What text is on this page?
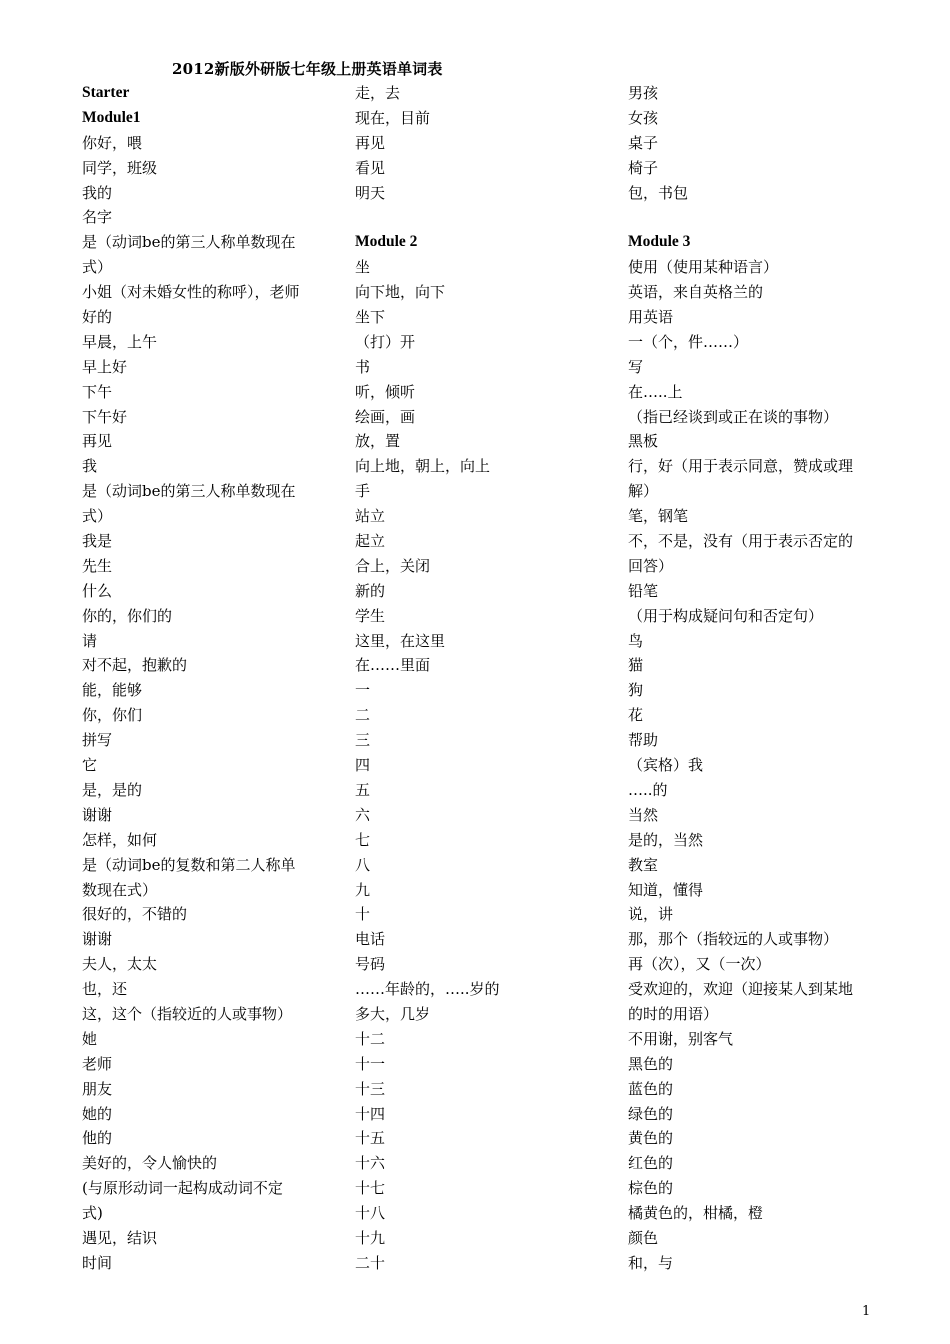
2012新版外研版七年级上册英语单词表
Starter
Module1
你好，喂
同学，班级
我的
名字
是（动词be的第三人称单数现在
式）
小姐（对未婚女性的称呼），老师
好的
早晨，上午
早上好
下午
下午好
再见
我
是（动词be的第三人称单数现在
式）
我是
先生
什么
你的，你们的
请
对不起，抱歉的
能，能够
你，你们
拼写
它
是，是的
谢谢
怎样，如何
是（动词be的复数和第二人称单
数现在式）
很好的，不错的
谢谢
夫人，太太
也，还
这，这个（指较近的人或事物）
她
老师
朋友
她的
他的
美好的，令人愉快的
(与原形动词一起构成动词不定
式)
遇见，结识
时间
走，去
现在，目前
再见
看见
明天
Module 2
坐
向下地，向下
坐下
（打）开
书
听，倾听
绘画，画
放，置
向上地，朝上，向上
手
站立
起立
合上，关闭
新的
学生
这里，在这里
在……里面
一
二
三
四
五
六
七
八
九
十
电话
号码
……年龄的，…..岁的
多大，几岁
十二
十一
十三
十四
十五
十六
十七
十八
十九
二十
男孩
女孩
桌子
椅子
包，书包
Module 3
使用（使用某种语言）
英语，来自英格兰的
用英语
一（个，件……）
写
在…..上
（指已经谈到或正在谈的事物）
黑板
行，好（用于表示同意，赞成或理
解）
笔，钢笔
不，不是，没有（用于表示否定的
回答）
铅笔
（用于构成疑问句和否定句）
鸟
猫
狗
花
帮助
（宾格）我
…..的
当然
是的，当然
教室
知道，懂得
说，讲
那，那个（指较远的人或事物）
再（次），又（一次）
受欢迎的，欢迎（迎接某人到某地
的时的用语）
不用谢，别客气
黑色的
蓝色的
绿色的
黄色的
红色的
棕色的
橘黄色的，柑橘，橙
颜色
和，与
1
